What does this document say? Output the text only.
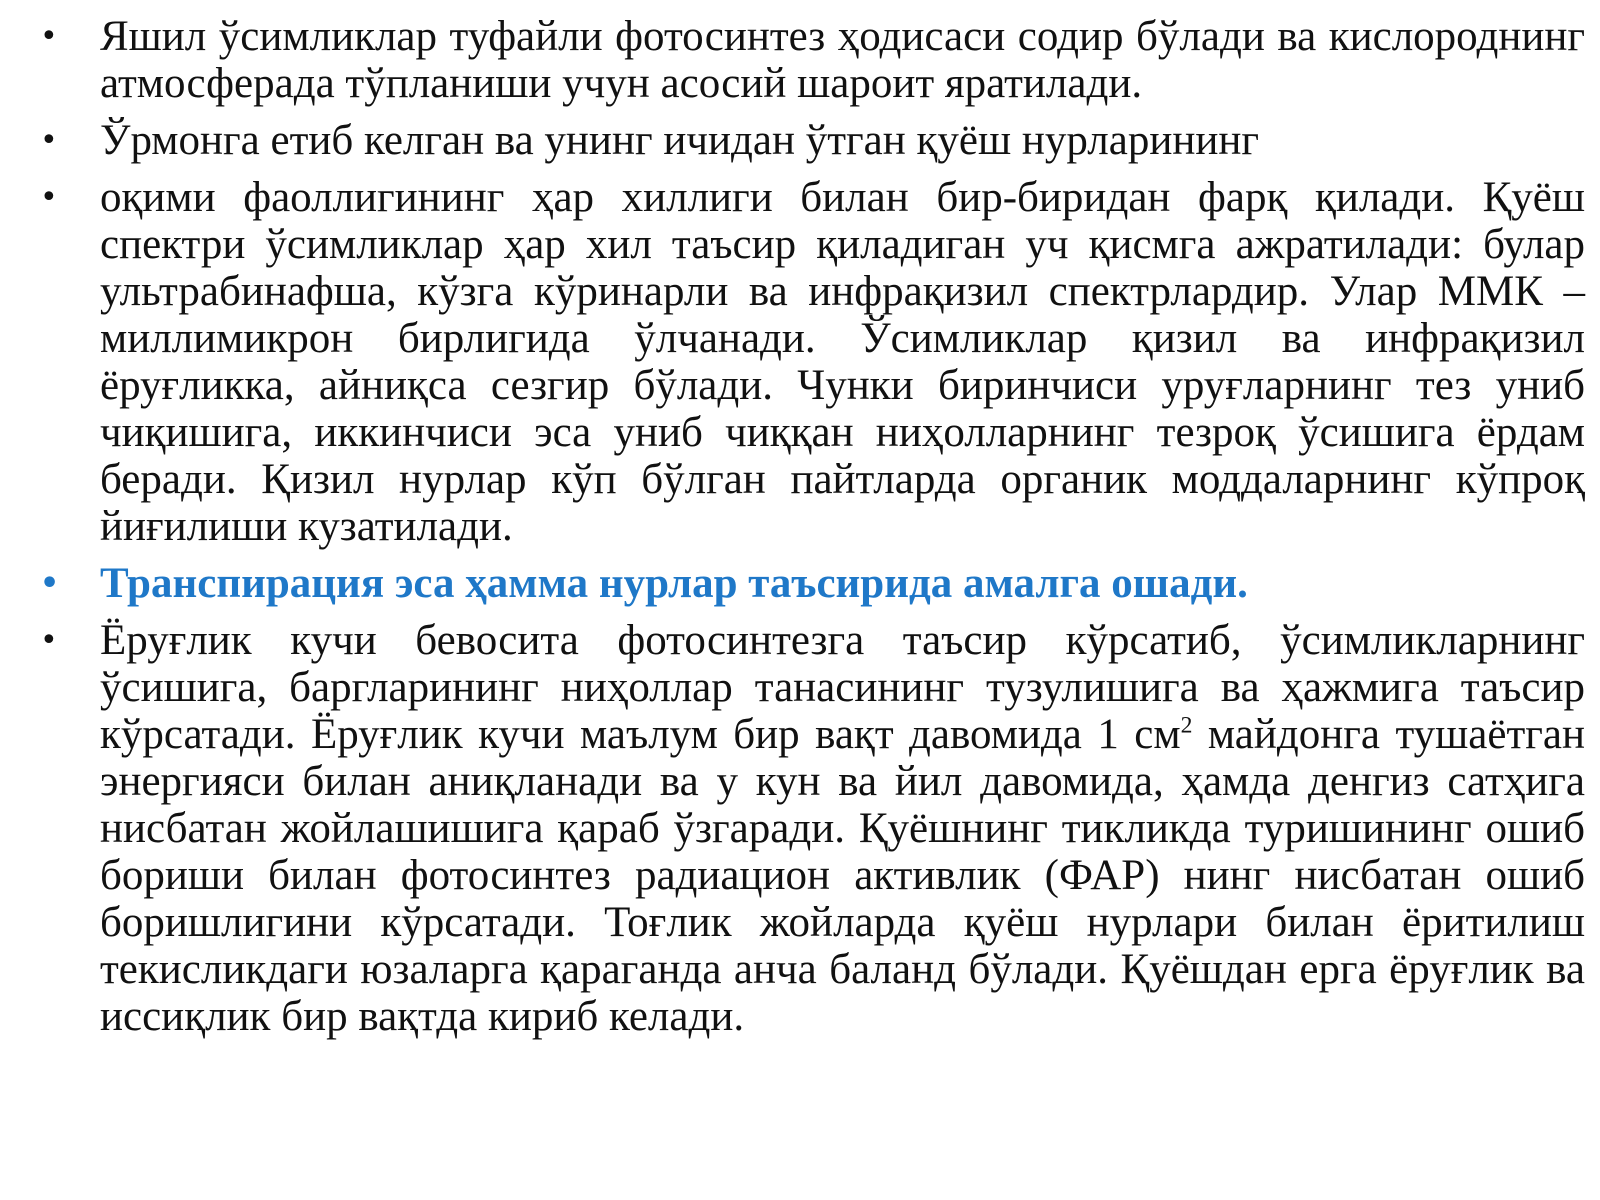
• Яшил ўсимликлар туфайли фотосинтез ҳодисаси содир бўлади ва кислороднинг атмосферада тўпланиши учун асосий шароит яратилади.
• Ўрмонга етиб келган ва унинг ичидан ўтган қуёш нурларининг
• оқими фаоллигининг ҳар хиллиги билан бир-биридан фарқ қилади. Қуёш спектри ўсимликлар ҳар хил таъсир қиладиган уч қисмга ажратилади: булар ультрабинафша, кўзга кўринарли ва инфрақизил спектрлардир. Улар ММК – миллимикрон бирлигида ўлчанади. Ўсимликлар қизил ва инфрақизил ёруғликка, айниқса сезгир бўлади. Чунки биринчиси уруғларнинг тез униб чиқишига, иккинчиси эса униб чиққан ниҳолларнинг тезроқ ўсишига ёрдам беради. Қизил нурлар кўп бўлган пайтларда органик моддаларнинг кўпроқ йиғилиши кузатилади.
• Транспирация эса ҳамма нурлар таъсирида амалга ошади.
• Ёруғлик кучи бевосита фотосинтезга таъсир кўрсатиб, ўсимликларнинг ўсишига, баргларининг ниҳоллар танасининг тузулишига ва ҳажмига таъсир кўрсатади. Ёруғлик кучи маълум бир вақт давомида 1 $см^2$ майдонга тушаётган энергияси билан аниқланади ва у кун ва йил давомида, ҳамда денгиз сатҳига нисбатан жойлашишига қараб ўзгаради. Қуёшнинг тикликда туришининг ошиб бориши билан фотосинтез радиацион активлик (ФАР) нинг нисбатан ошиб боришлигини кўрсатади. Тоғлик жойларда қуёш нурлари билан ёритилиш текисликдаги юзаларга қараганда анча баланд бўлади. Қуёшдан ерга ёруғлик ва иссиқлик бир вақтда кириб келади.
